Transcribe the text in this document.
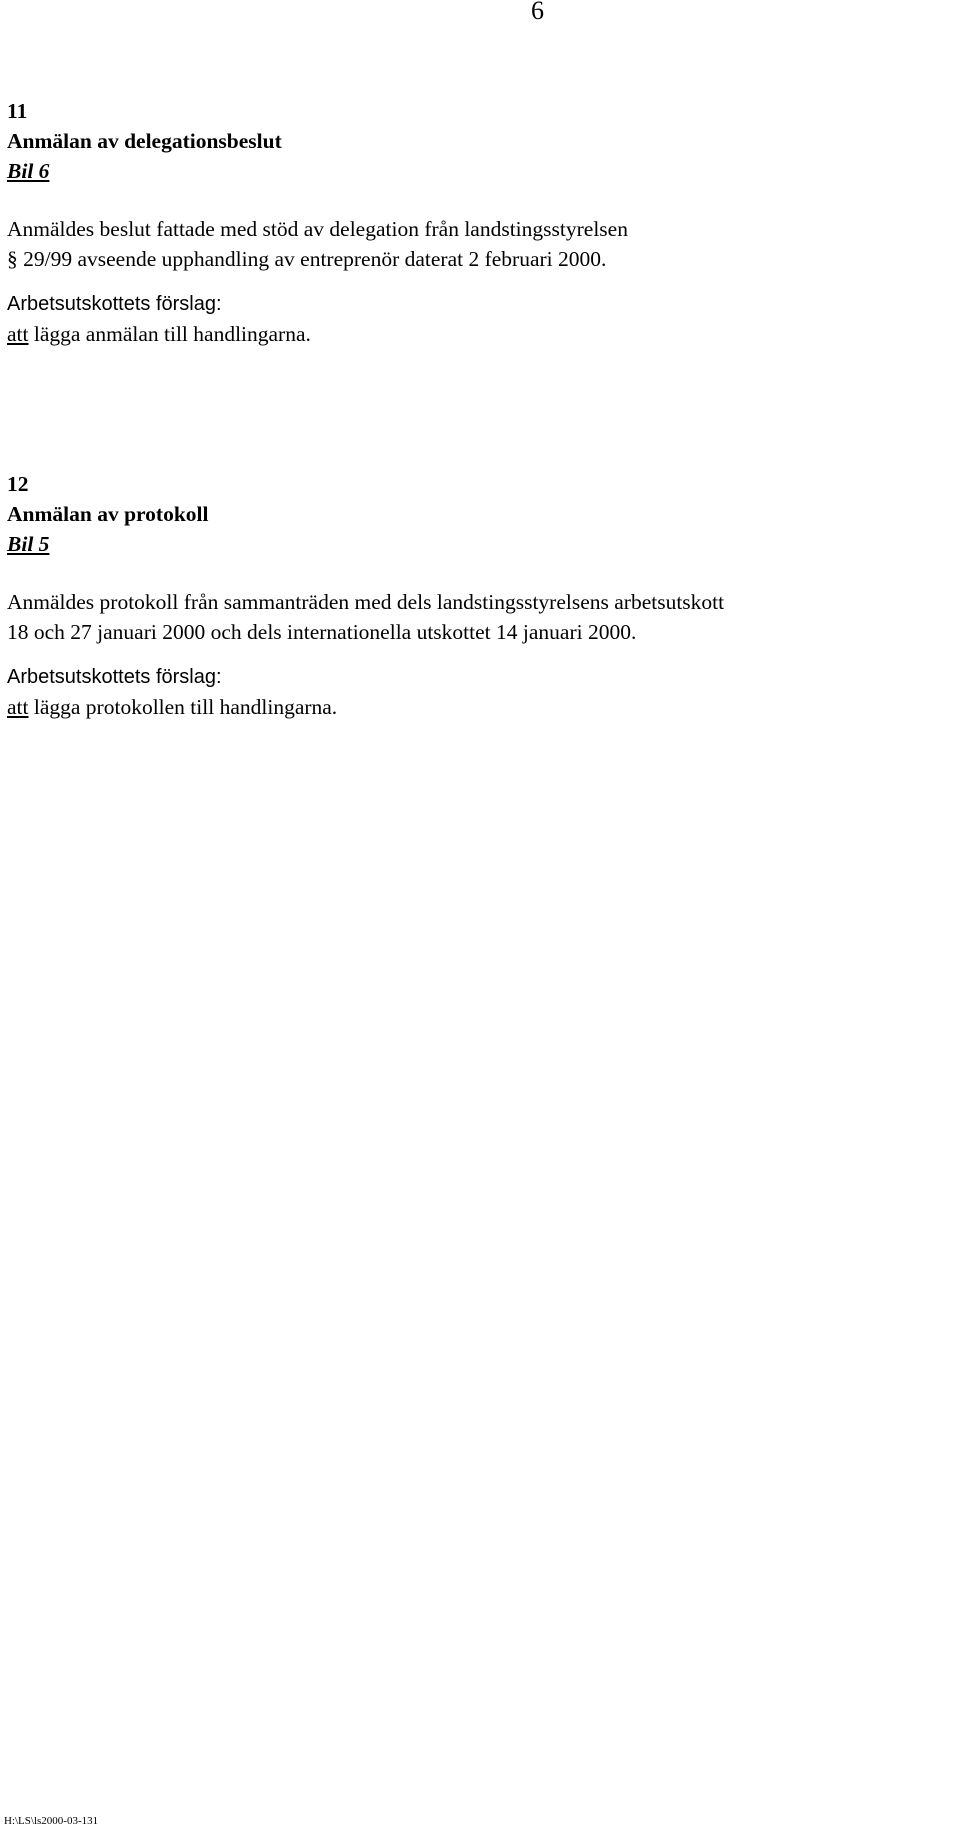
6

11

Anmälan av delegationsbeslut

Bil 6

Anmäldes beslut fattade med stöd av delegation från landstingsstyrelsen

§ 29/99 avseende upphandling av entreprenör daterat 2 februari 2000.

Arbetsutskottets förslag:

att lägga anmälan till handlingarna.

12

Anmälan av protokoll

Bil 5

Anmäldes protokoll från sammanträden med dels landstingsstyrelsens arbetsutskott

18 och 27 januari 2000 och dels internationella utskottet 14 januari 2000.

Arbetsutskottets förslag:

att lägga protokollen till handlingarna.

H:\LS\ls2000-03-131
